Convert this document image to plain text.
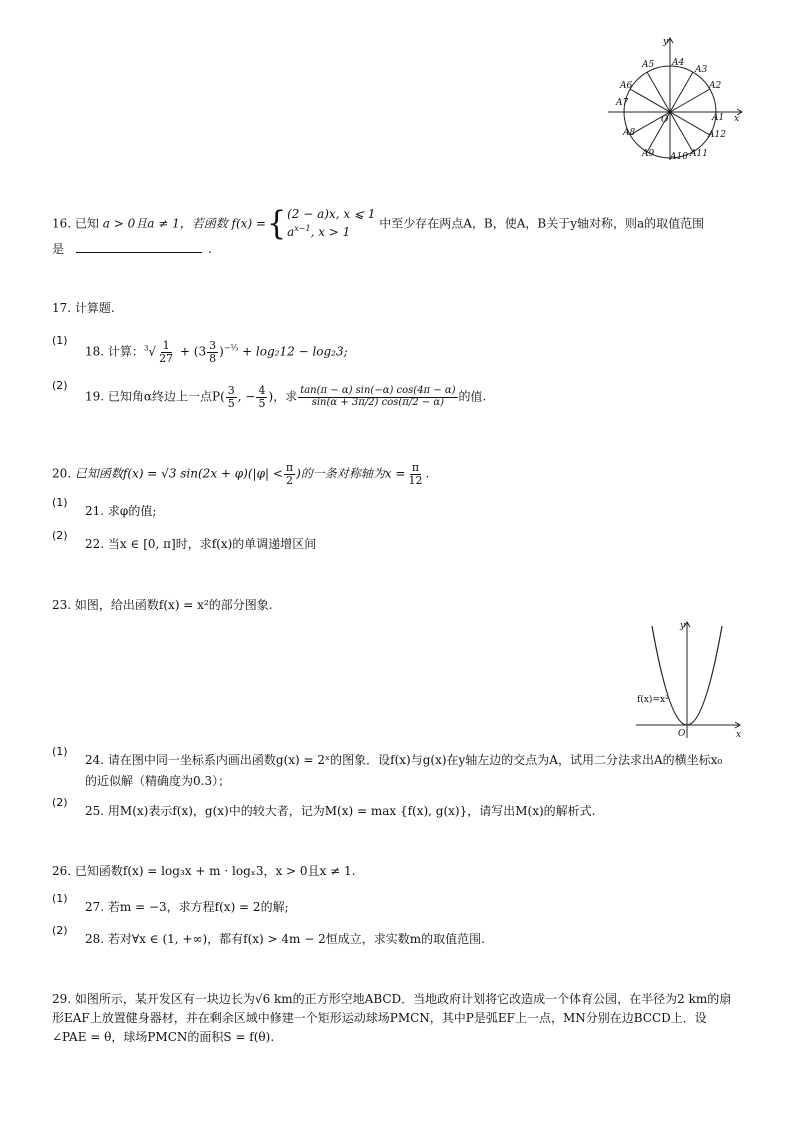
y
A5 A4
A3
A2
A6
A7
O	A1 x
A8	A12
A9 A10 A11
16. 已知 a > 0且a ≠ 1，若函数 f(x) ={ (2 − a)x, x ⩽ 1
$a^{x-1}$, x > 1
中至少存在两点A，B，使A，B关于y轴对称，则a的取值范围
是	.
17. 计算题.
(1)
18. 计算：$^3√ \frac{1}{27} + (3 \frac{3}{8} )^{-\frac{1}{3}} + \log_212 - \log_23$;
(2)
19. 已知角α终边上一点$P( \frac{3}{5}$ , − $\frac{4}{5}$ )，求 $\frac{\tan(\pi - \alpha) \sin(-\alpha) \cos(4\pi - \alpha)}{\sin(\alpha + 3\pi/2) \cos(\pi/2 - \alpha)}$ 的值.
20. 已知函数f(x) = √3 $\sin(2x + \varphi)(|\varphi| < \frac{\pi}{2}$ )的一条对称轴为$x = \frac{\pi}{12}$ .
(1)
21. 求φ的值;
(2)
22. 当x ∈ [0, π]时，求f(x)的单调递增区间
23. 如图，给出函数f(x) = x²的部分图象.
y
f(x)=x²
O	x
(1)
24. 请在图中同一坐标系内画出函数g(x) = 2ˣ的图象．设f(x)与g(x)在y轴左边的交点为A，试用二分法求出A的横坐标x₀
的近似解（精确度为0.3）；
(2)
25. 用M(x)表示f(x)，g(x)中的较大者，记为M(x) = max {f(x), g(x)}，请写出M(x)的解析式.
26. 已知函数f(x) = log₃x + m · logₓ3，x > 0且x ≠ 1.
(1)
27. 若m = −3，求方程f(x) = 2的解;
(2)
28. 若对∀x ∈ (1, +∞)，都有f(x) > 4m − 2恒成立，求实数m的取值范围.
29. 如图所示，某开发区有一块边长为√6 km的正方形空地ABCD．当地政府计划将它改造成一个体育公园，在半径为2 km的扇
形EAF上放置健身器材，并在剩余区域中修建一个矩形运动球场PMCN，其中P是弧EF上一点，MN分别在边BCCD上．设
∠PAE = θ，球场PMCN的面积S = f(θ).
